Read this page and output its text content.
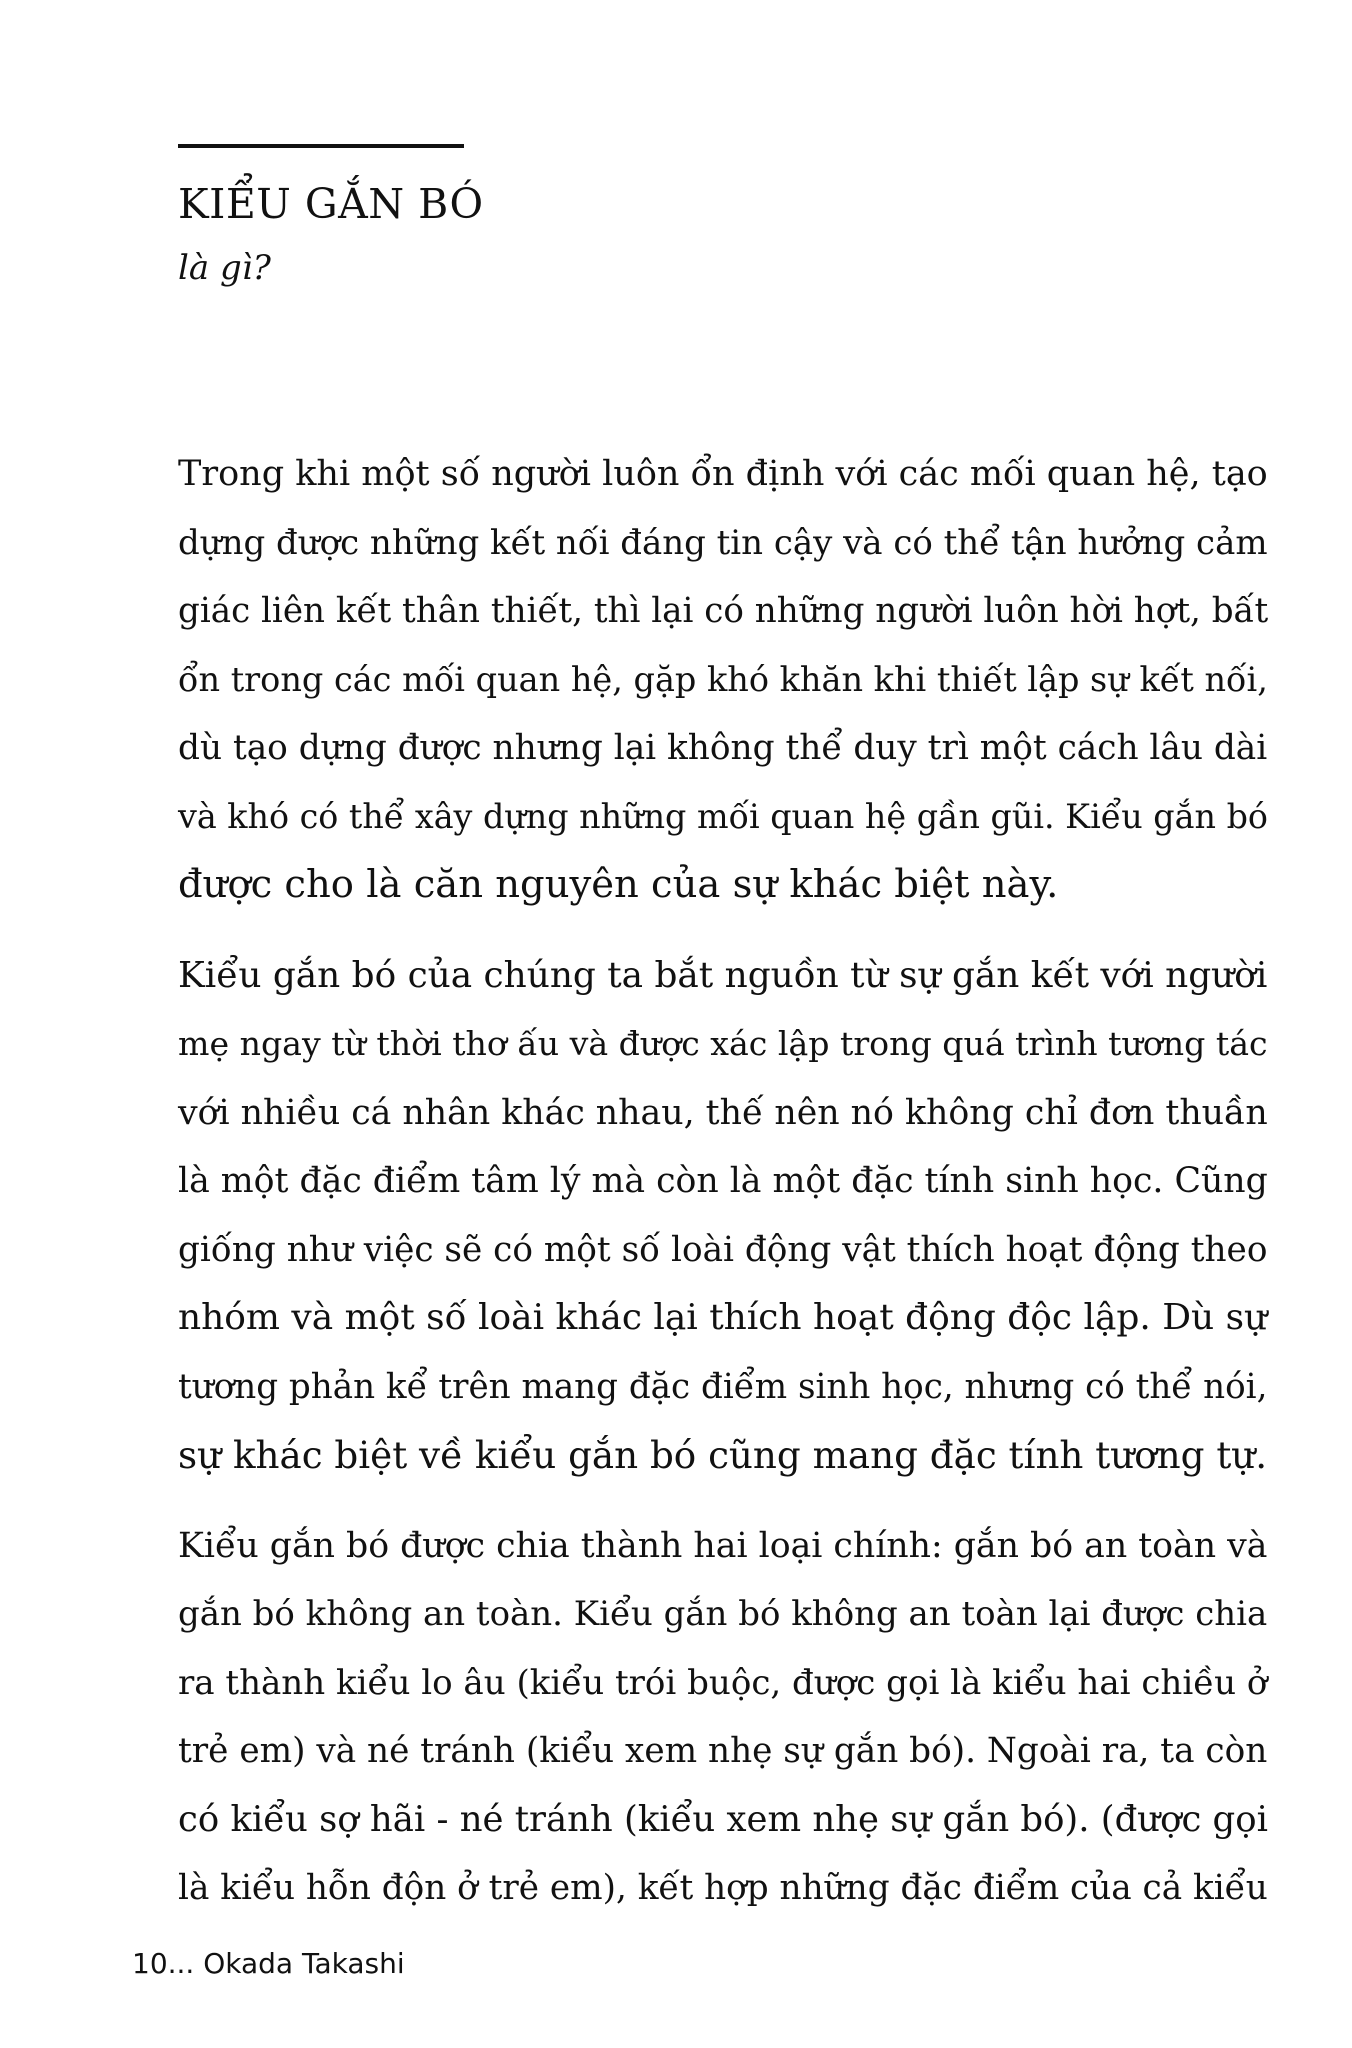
KIỂU GẮN BÓ
là gì?

Trong khi một số người luôn ổn định với các mối quan hệ, tạo
dựng được những kết nối đáng tin cậy và có thể tận hưởng cảm
giác liên kết thân thiết, thì lại có những người luôn hời hợt, bất
ổn trong các mối quan hệ, gặp khó khăn khi thiết lập sự kết nối,
dù tạo dựng được nhưng lại không thể duy trì một cách lâu dài
và khó có thể xây dựng những mối quan hệ gần gũi. Kiểu gắn bó
được cho là căn nguyên của sự khác biệt này.

Kiểu gắn bó của chúng ta bắt nguồn từ sự gắn kết với người
mẹ ngay từ thời thơ ấu và được xác lập trong quá trình tương tác
với nhiều cá nhân khác nhau, thế nên nó không chỉ đơn thuần
là một đặc điểm tâm lý mà còn là một đặc tính sinh học. Cũng
giống như việc sẽ có một số loài động vật thích hoạt động theo
nhóm và một số loài khác lại thích hoạt động độc lập. Dù sự
tương phản kể trên mang đặc điểm sinh học, nhưng có thể nói,
sự khác biệt về kiểu gắn bó cũng mang đặc tính tương tự.

Kiểu gắn bó được chia thành hai loại chính: gắn bó an toàn và
gắn bó không an toàn. Kiểu gắn bó không an toàn lại được chia
ra thành kiểu lo âu (kiểu trói buộc, được gọi là kiểu hai chiều ở
trẻ em) và né tránh (kiểu xem nhẹ sự gắn bó). Ngoài ra, ta còn
có kiểu sợ hãi - né tránh (kiểu xem nhẹ sự gắn bó). (được gọi
là kiểu hỗn độn ở trẻ em), kết hợp những đặc điểm của cả kiểu

10... Okada Takashi
